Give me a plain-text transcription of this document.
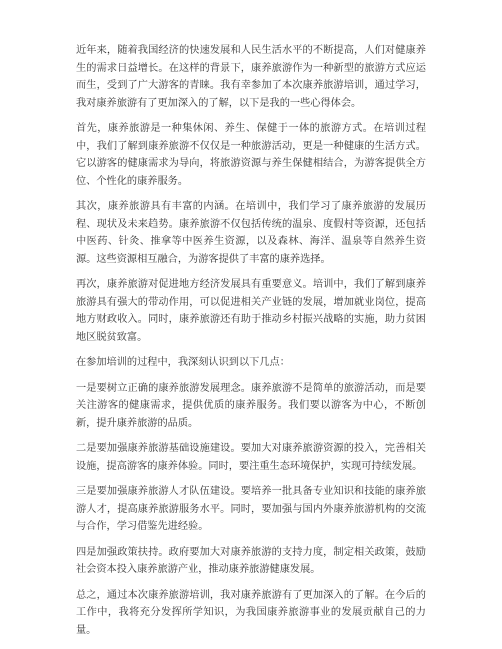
近年来，随着我国经济的快速发展和人民生活水平的不断提高，人们对健康养生的需求日益增长。在这样的背景下，康养旅游作为一种新型的旅游方式应运而生，受到了广大游客的青睐。我有幸参加了本次康养旅游培训，通过学习，我对康养旅游有了更加深入的了解，以下是我的一些心得体会。

首先，康养旅游是一种集休闲、养生、保健于一体的旅游方式。在培训过程中，我们了解到康养旅游不仅仅是一种旅游活动，更是一种健康的生活方式。它以游客的健康需求为导向，将旅游资源与养生保健相结合，为游客提供全方位、个性化的康养服务。

其次，康养旅游具有丰富的内涵。在培训中，我们学习了康养旅游的发展历程、现状及未来趋势。康养旅游不仅包括传统的温泉、度假村等资源，还包括中医药、针灸、推拿等中医养生资源，以及森林、海洋、温泉等自然养生资源。这些资源相互融合，为游客提供了丰富的康养选择。

再次，康养旅游对促进地方经济发展具有重要意义。培训中，我们了解到康养旅游具有强大的带动作用，可以促进相关产业链的发展，增加就业岗位，提高地方财政收入。同时，康养旅游还有助于推动乡村振兴战略的实施，助力贫困地区脱贫致富。

在参加培训的过程中，我深刻认识到以下几点：

一是要树立正确的康养旅游发展理念。康养旅游不是简单的旅游活动，而是要关注游客的健康需求，提供优质的康养服务。我们要以游客为中心，不断创新，提升康养旅游的品质。

二是要加强康养旅游基础设施建设。要加大对康养旅游资源的投入，完善相关设施，提高游客的康养体验。同时，要注重生态环境保护，实现可持续发展。

三是要加强康养旅游人才队伍建设。要培养一批具备专业知识和技能的康养旅游人才，提高康养旅游服务水平。同时，要加强与国内外康养旅游机构的交流与合作，学习借鉴先进经验。

四是加强政策扶持。政府要加大对康养旅游的支持力度，制定相关政策，鼓励社会资本投入康养旅游产业，推动康养旅游健康发展。

总之，通过本次康养旅游培训，我对康养旅游有了更加深入的了解。在今后的工作中，我将充分发挥所学知识，为我国康养旅游事业的发展贡献自己的力量。
